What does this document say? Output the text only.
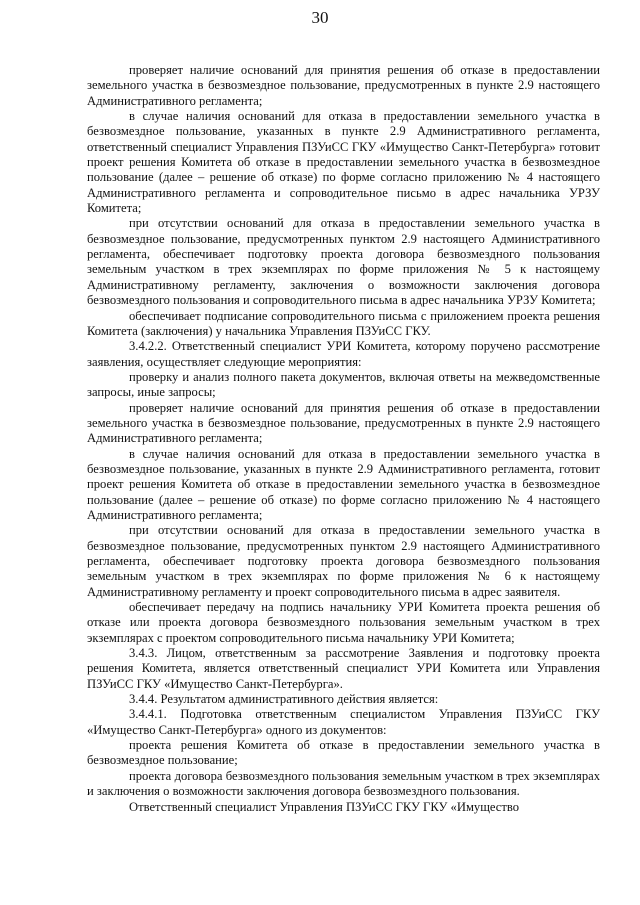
30

проверяет наличие оснований для принятия решения об отказе в предоставлении земельного участка в безвозмездное пользование, предусмотренных в пункте 2.9 настоящего Административного регламента;

в случае наличия оснований для отказа в предоставлении земельного участка в безвозмездное пользование, указанных в пункте 2.9 Административного регламента, ответственный специалист Управления ПЗУиСС ГКУ «Имущество Санкт-Петербурга» готовит проект решения Комитета об отказе в предоставлении земельного участка в безвозмездное пользование (далее – решение об отказе) по форме согласно приложению № 4 настоящего Административного регламента и сопроводительное письмо в адрес начальника УРЗУ Комитета;

при отсутствии оснований для отказа в предоставлении земельного участка в безвозмездное пользование, предусмотренных пунктом 2.9 настоящего Административного регламента, обеспечивает подготовку проекта договора безвозмездного пользования земельным участком в трех экземплярах по форме приложения № 5 к настоящему Административному регламенту, заключения о возможности заключения договора безвозмездного пользования и сопроводительного письма в адрес начальника УРЗУ Комитета;

обеспечивает подписание сопроводительного письма с приложением проекта решения Комитета (заключения) у начальника Управления ПЗУиСС ГКУ.

3.4.2.2. Ответственный специалист УРИ Комитета, которому поручено рассмотрение заявления, осуществляет следующие мероприятия:

проверку и анализ полного пакета документов, включая ответы на межведомственные запросы, иные запросы;

проверяет наличие оснований для принятия решения об отказе в предоставлении земельного участка в безвозмездное пользование, предусмотренных в пункте 2.9 настоящего Административного регламента;

в случае наличия оснований для отказа в предоставлении земельного участка в безвозмездное пользование, указанных в пункте 2.9 Административного регламента, готовит проект решения Комитета об отказе в предоставлении земельного участка в безвозмездное пользование (далее – решение об отказе) по форме согласно приложению № 4 настоящего Административного регламента;

при отсутствии оснований для отказа в предоставлении земельного участка в безвозмездное пользование, предусмотренных пунктом 2.9 настоящего Административного регламента, обеспечивает подготовку проекта договора безвозмездного пользования земельным участком в трех экземплярах по форме приложения № 6 к настоящему Административному регламенту и проект сопроводительного письма в адрес заявителя.

обеспечивает передачу на подпись начальнику УРИ Комитета проекта решения об отказе или проекта договора безвозмездного пользования земельным участком в трех экземплярах с проектом сопроводительного письма начальнику УРИ Комитета;

3.4.3. Лицом, ответственным за рассмотрение Заявления и подготовку проекта решения Комитета, является ответственный специалист УРИ Комитета или Управления ПЗУиСС ГКУ «Имущество Санкт-Петербурга».

3.4.4. Результатом административного действия является:

3.4.4.1. Подготовка ответственным специалистом Управления ПЗУиСС ГКУ «Имущество Санкт-Петербурга» одного из документов:

проекта решения Комитета об отказе в предоставлении земельного участка в безвозмездное пользование;

проекта договора безвозмездного пользования земельным участком в трех экземплярах и заключения о возможности заключения договора безвозмездного пользования.

Ответственный специалист Управления ПЗУиСС ГКУ ГКУ «Имущество
